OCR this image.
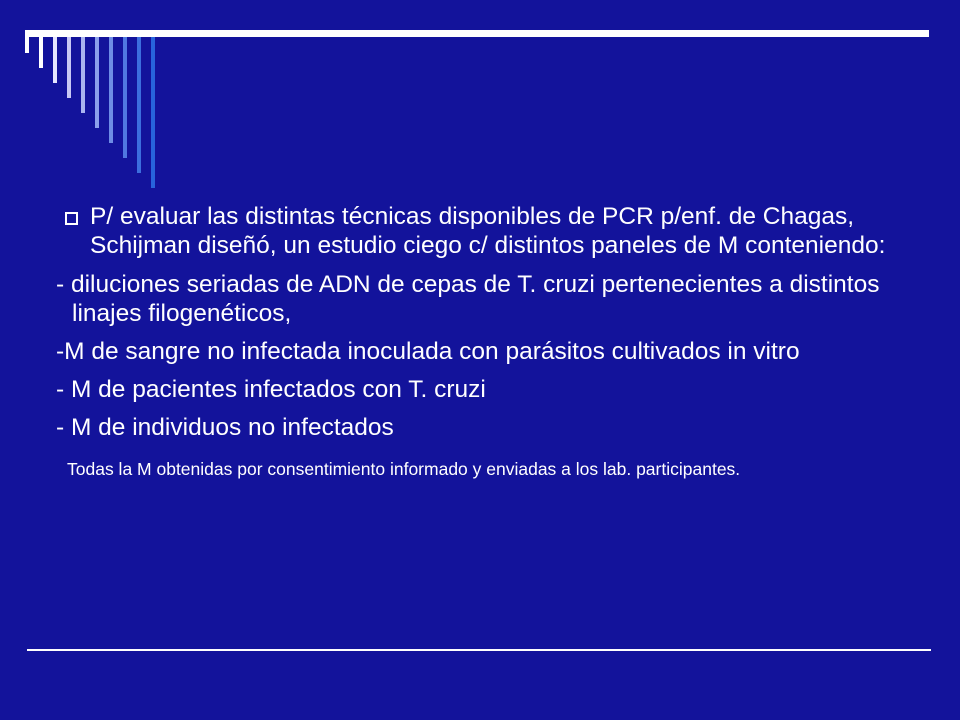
P/ evaluar las distintas técnicas disponibles de PCR p/enf. de Chagas, Schijman diseñó, un estudio ciego c/ distintos paneles de M conteniendo:
- diluciones seriadas de ADN de cepas de T. cruzi pertenecientes a distintos linajes filogenéticos,
-M de sangre no infectada inoculada con parásitos cultivados in vitro
- M de pacientes infectados con T. cruzi
- M de individuos no infectados
Todas la M obtenidas por consentimiento informado y enviadas a los lab. participantes.
